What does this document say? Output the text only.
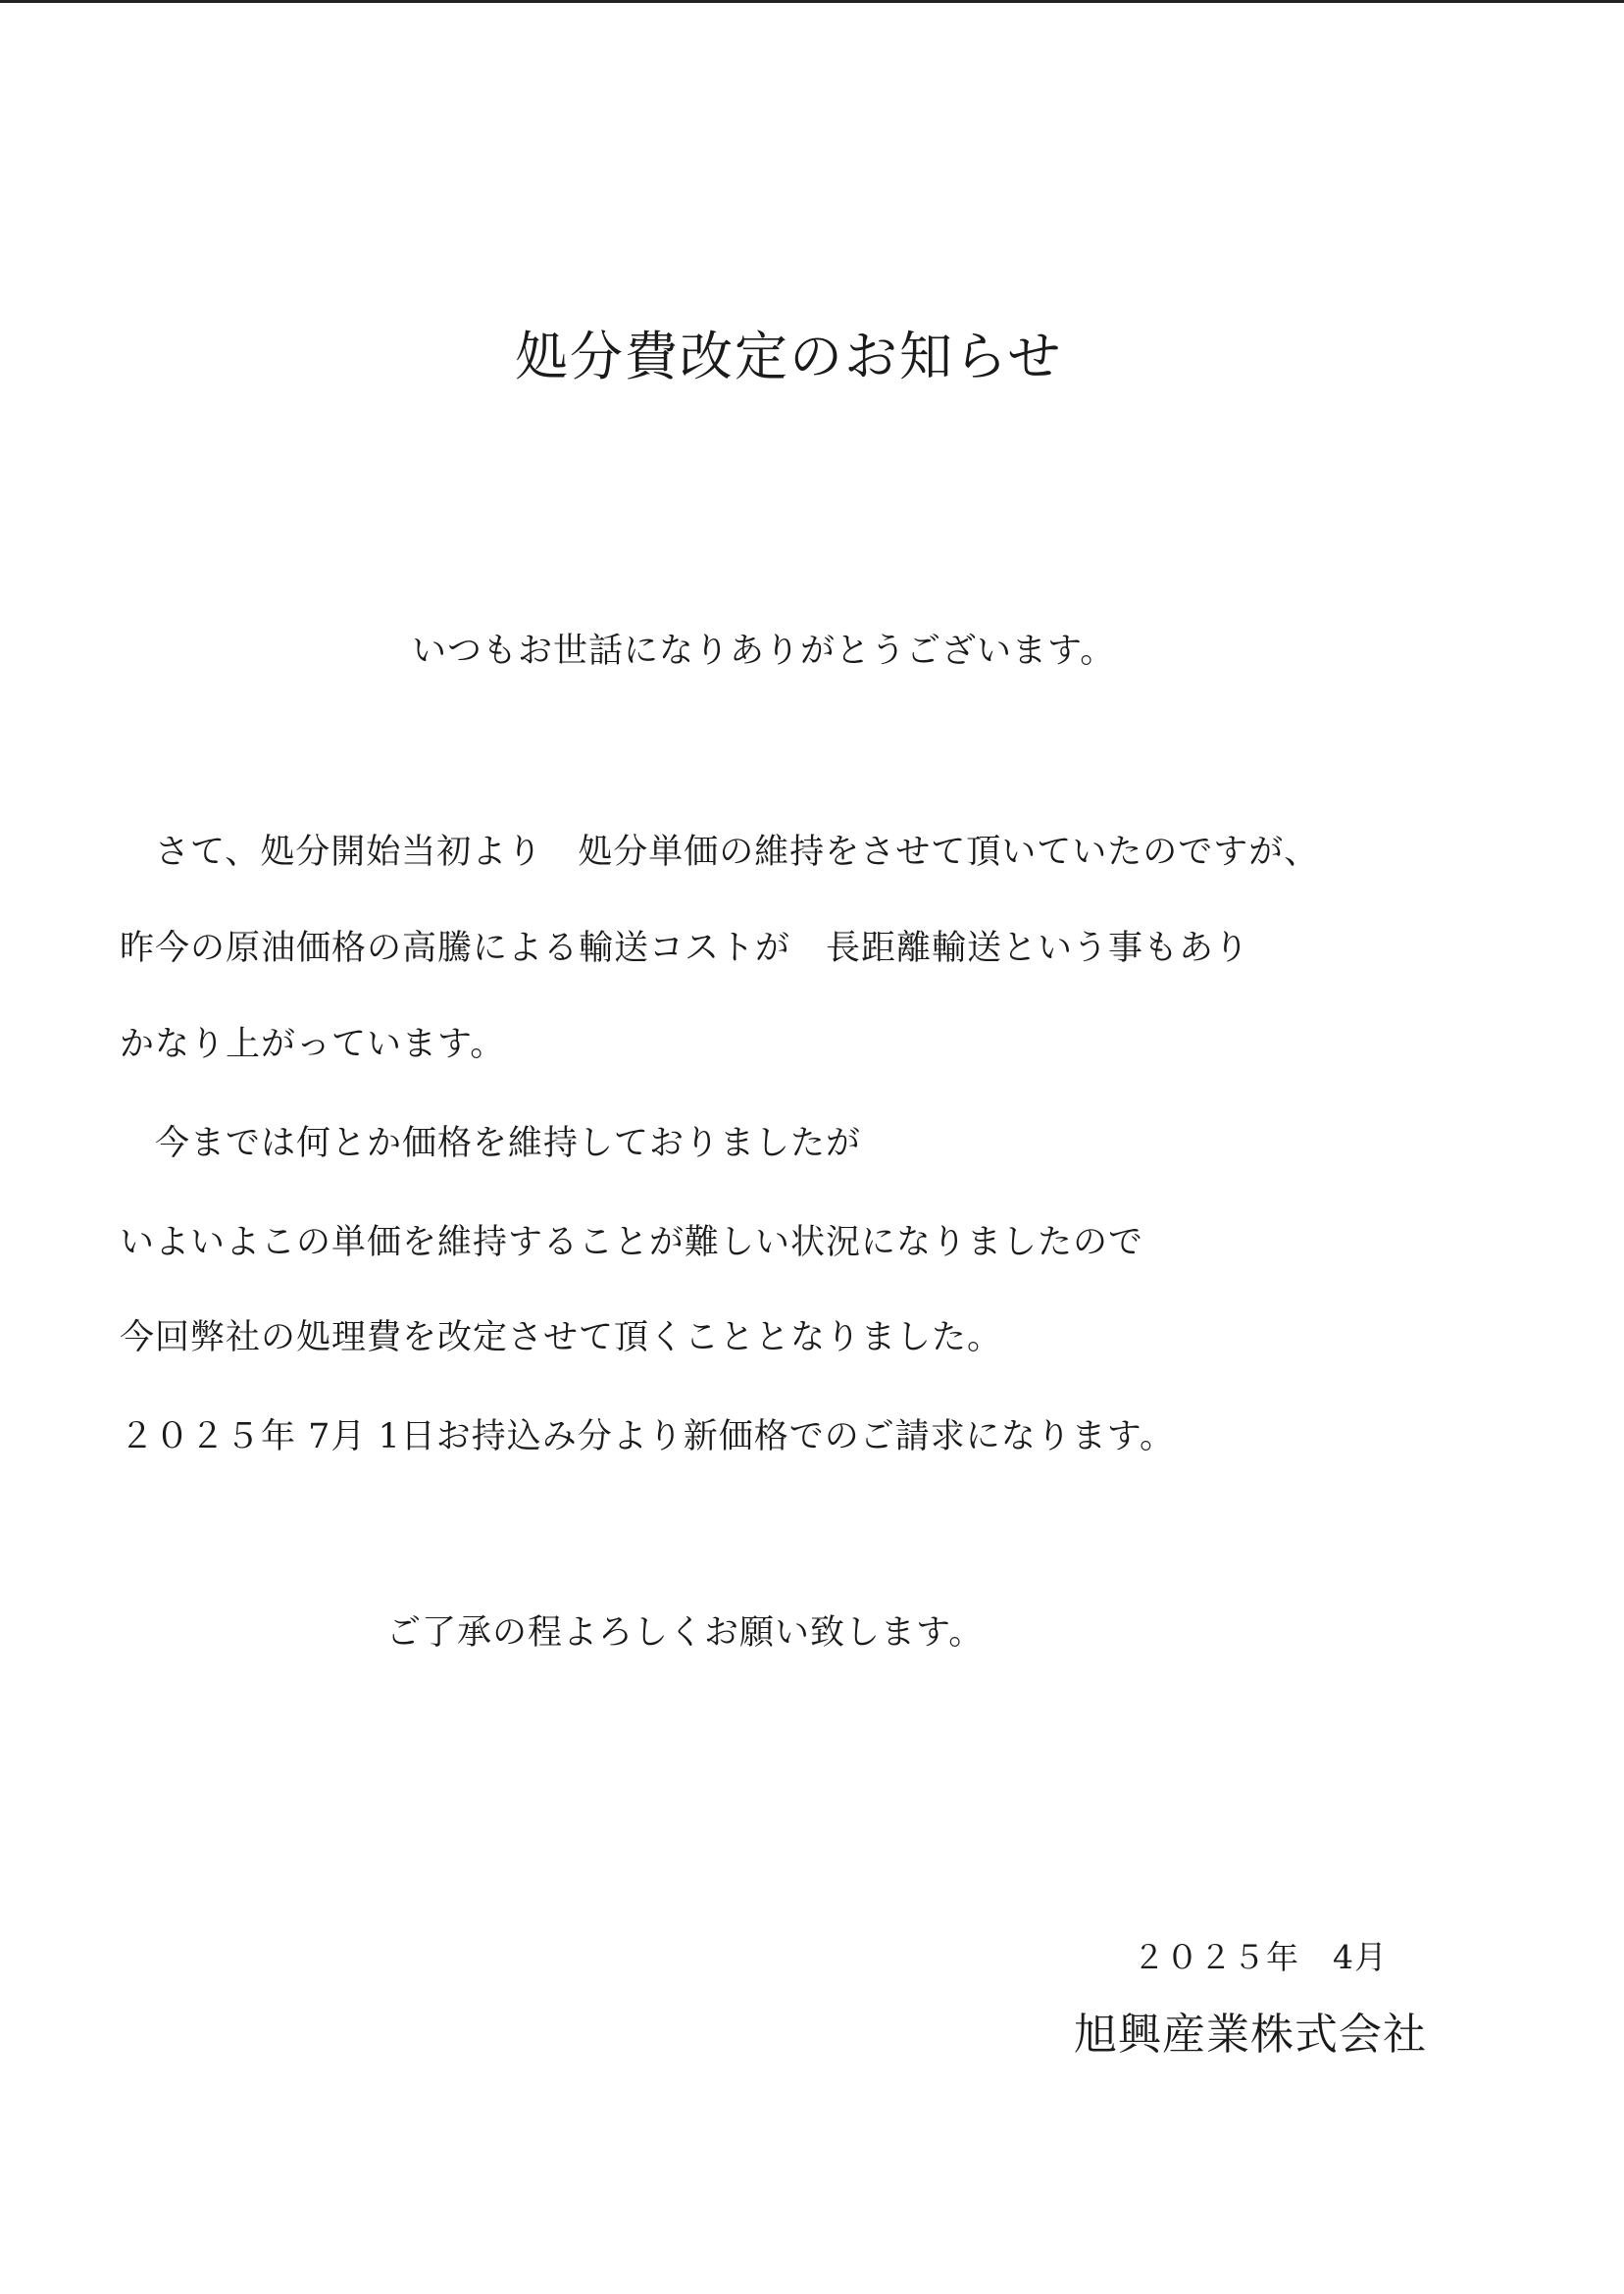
処分費改定のお知らせ
いつもお世話になりありがとうございます。
　さて、処分開始当初より　処分単価の維持をさせて頂いていたのですが、
昨今の原油価格の高騰による輸送コストが　長距離輸送という事もあり
かなり上がっています。
　今までは何とか価格を維持しておりましたが
いよいよこの単価を維持することが難しい状況になりましたので
今回弊社の処理費を改定させて頂くこととなりました。
２０２５年 7月 1日お持込み分より新価格でのご請求になります。
ご了承の程よろしくお願い致します。
２０２５年　4月
旭興産業株式会社
